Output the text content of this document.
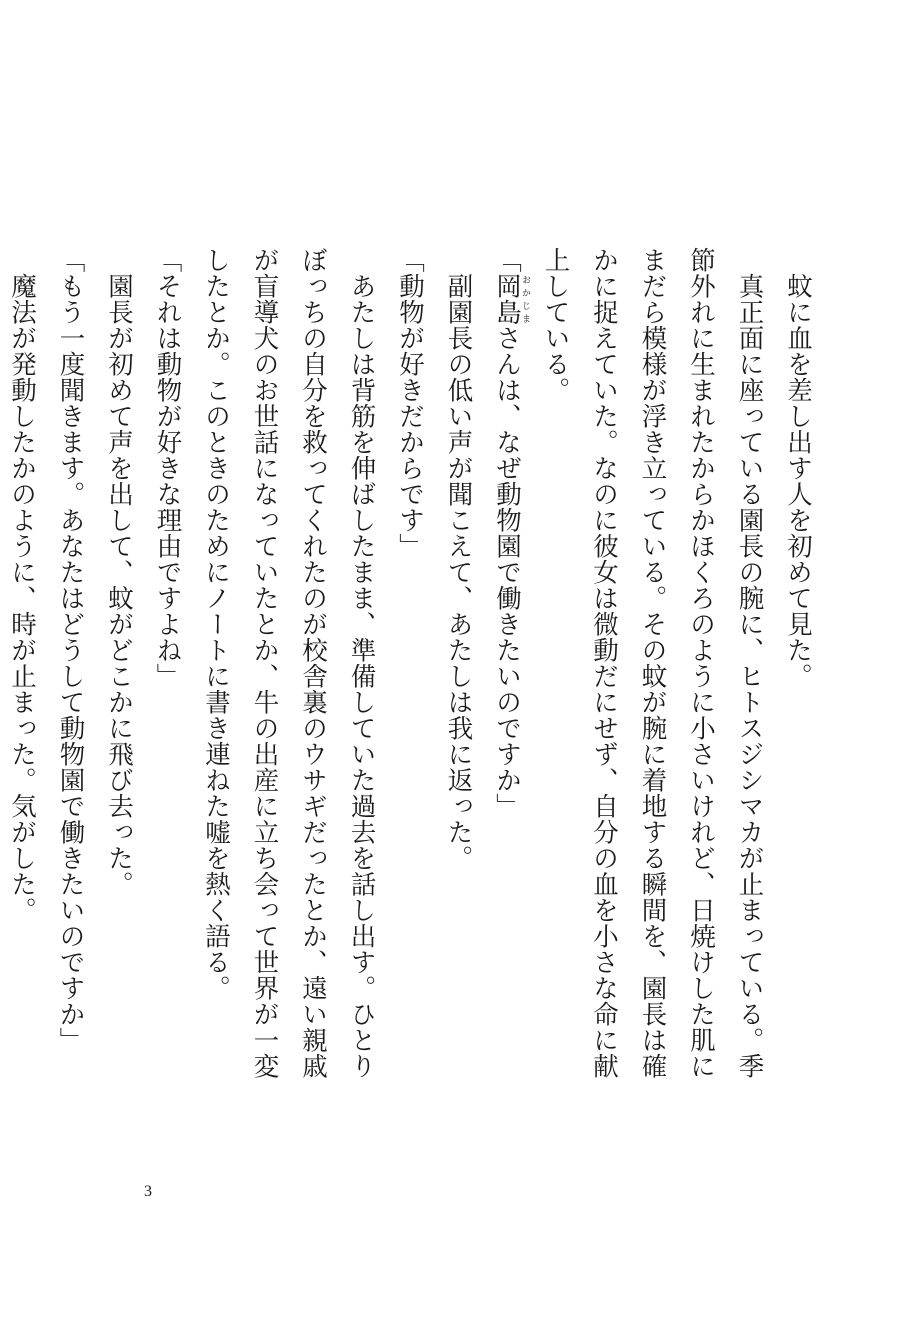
蚊に血を差し出す人を初めて見た。

真正面に座っている園長の腕に、ヒトスジシマカが止まっている。季節外れに生まれたからかほくろのように小さいけれど、日焼けした肌にまだら模様が浮き立っている。その蚊が腕に着地する瞬間を、園長は確かに捉えていた。なのに彼女は微動だにせず、自分の血を小さな命に献上している。

「岡島おかじまさんは、なぜ動物園で働きたいのですか」

副園長の低い声が聞こえて、あたしは我に返った。

「動物が好きだからです」

あたしは背筋を伸ばしたまま、準備していた過去を話し出す。ひとりぼっちの自分を救ってくれたのが校舎裏のウサギだったとか、遠い親戚が盲導犬のお世話になっていたとか、牛の出産に立ち会って世界が一変したとか。このときのためにノートに書き連ねた嘘を熱く語る。

「それは動物が好きな理由ですよね」

園長が初めて声を出して、蚊がどこかに飛び去った。

「もう一度聞きます。あなたはどうして動物園で働きたいのですか」

魔法が発動したかのように、時が止まった。気がした。

3
